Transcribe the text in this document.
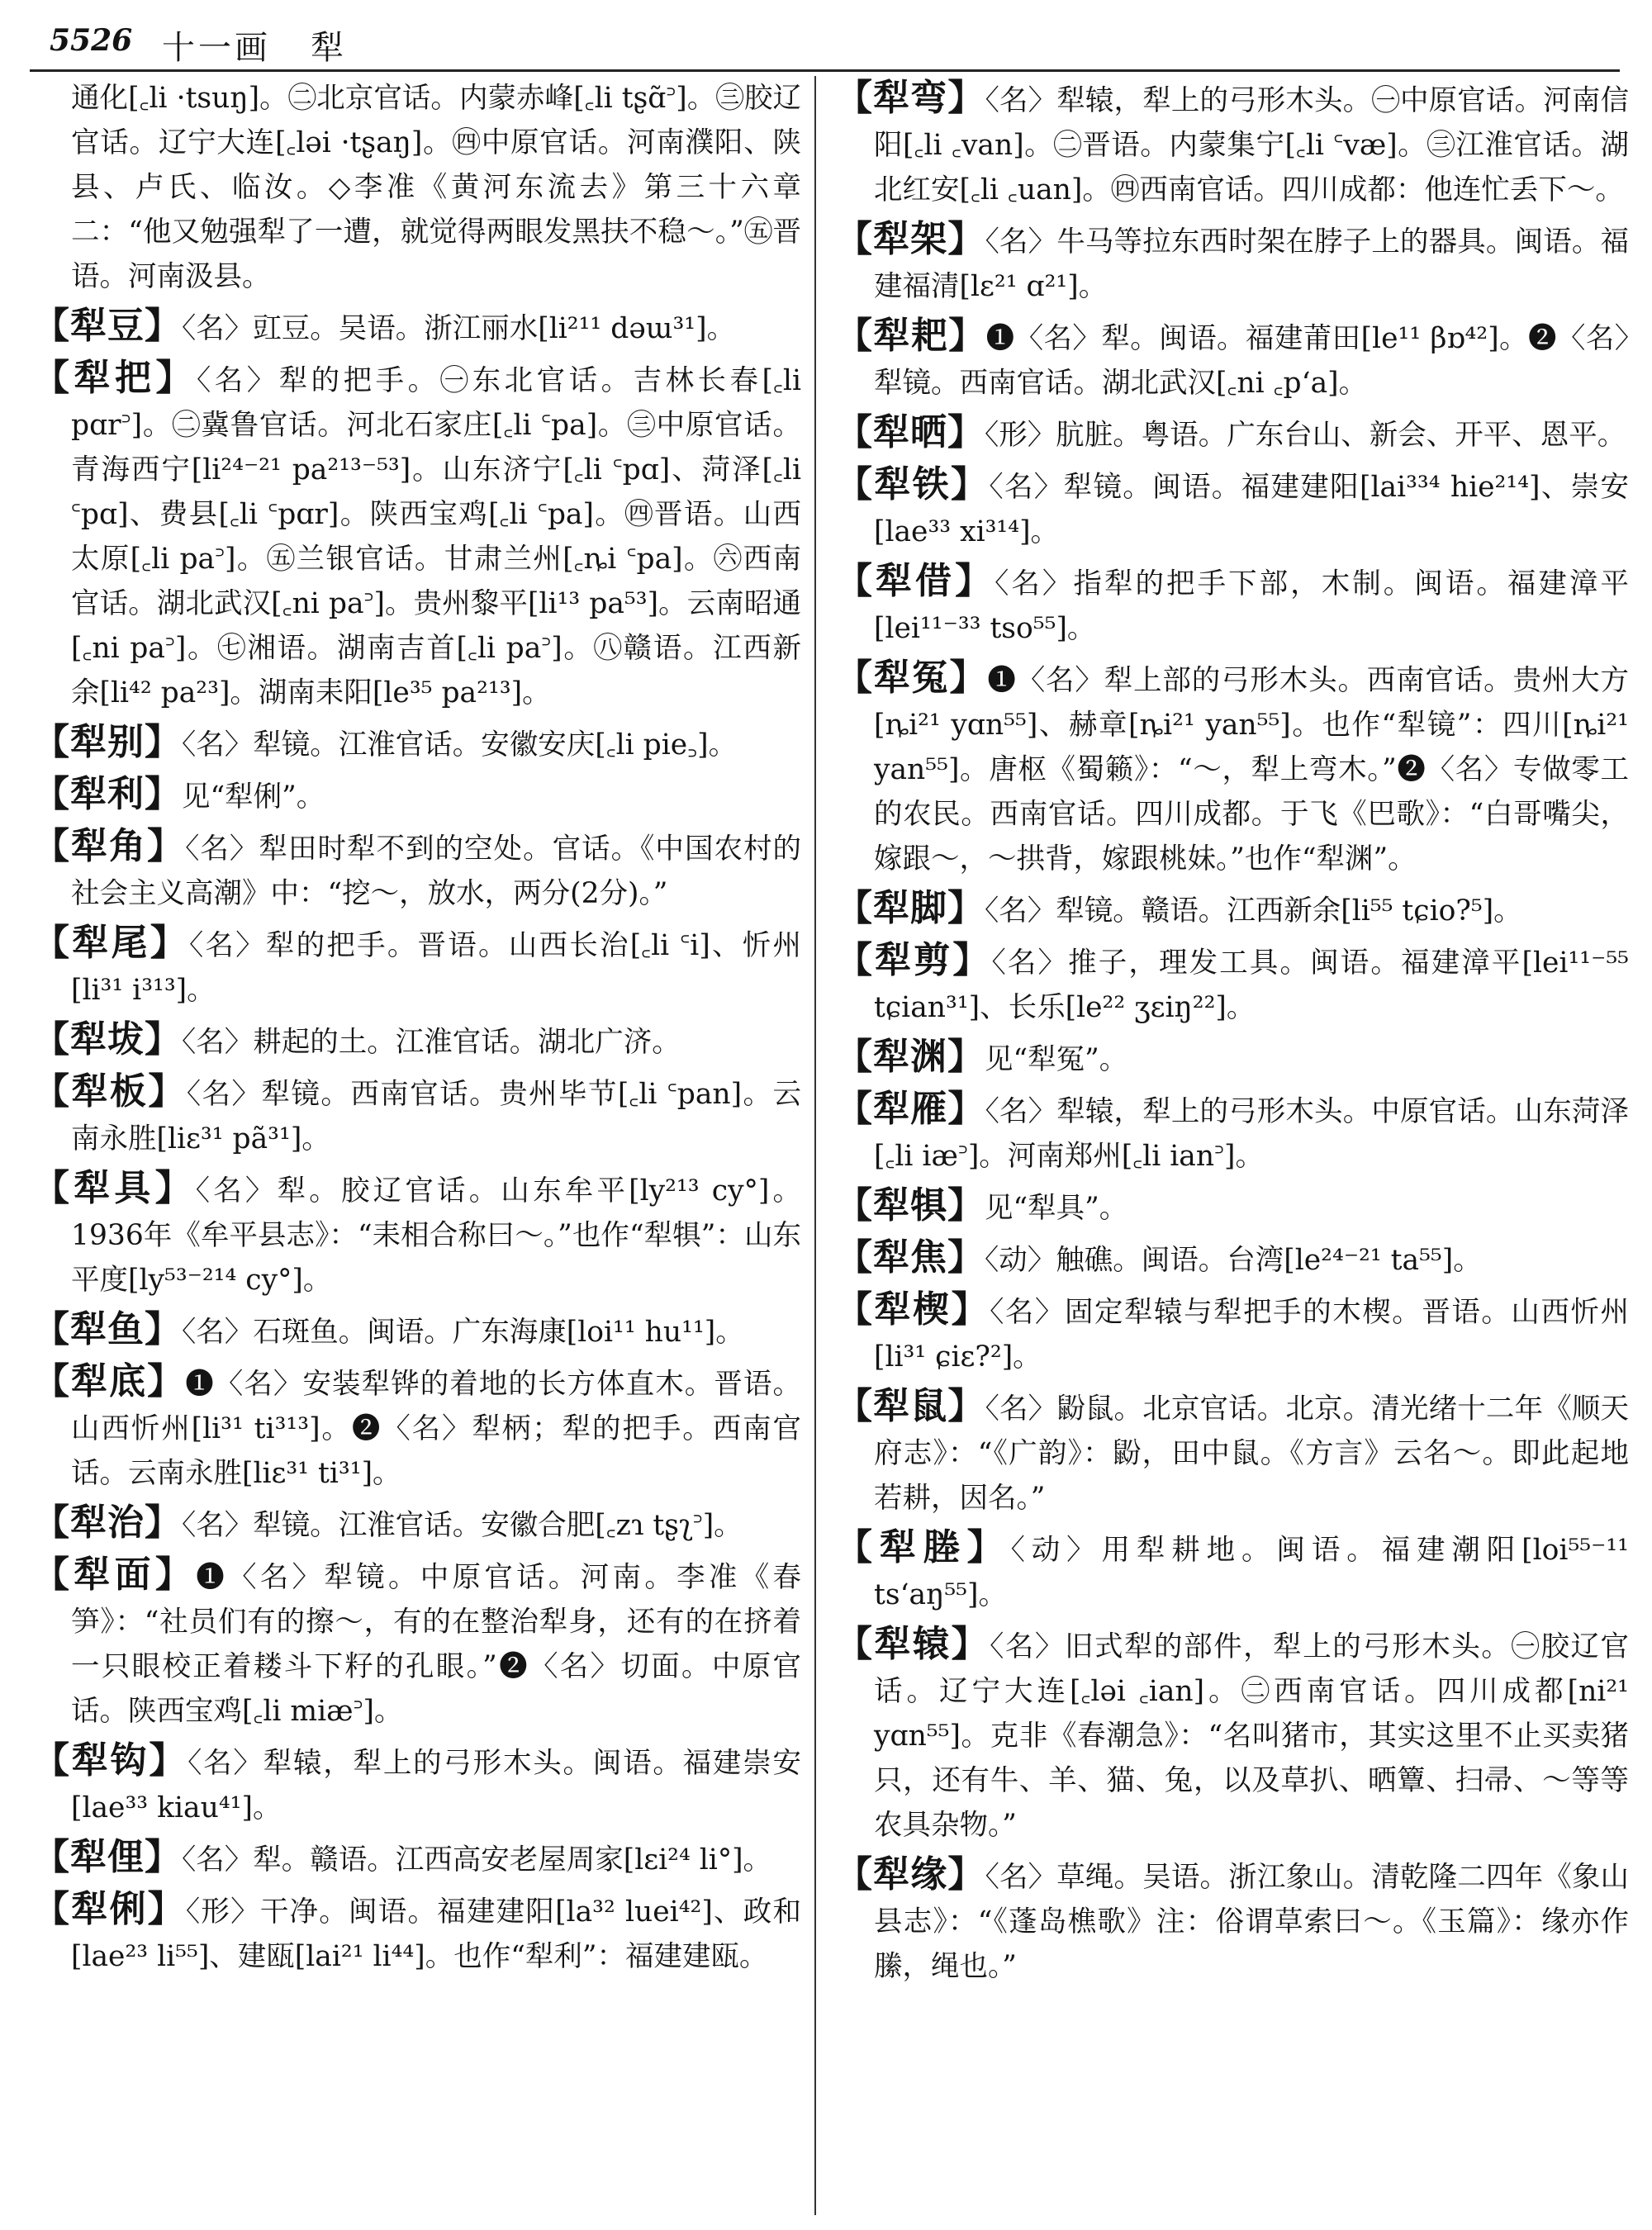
5526 十一画 犁

通化[꜀li ·tsuŋ]。㊁北京官话。内蒙赤峰[꜀li tʂɑ̃꜄]。㊂胶辽官话。辽宁大连[꜀ləi ·tʂaŋ]。㊃中原官话。河南濮阳、陕县、卢氏、临汝。◇李准《黄河东流去》第三十六章二：“他又勉强犁了一遭，就觉得两眼发黑扶不稳～。”㊄晋语。河南汲县。

【犁豆】〈名〉豇豆。吴语。浙江丽水[li²¹¹ dəɯ³¹]。

【犁把】〈名〉犁的把手。㊀东北官话。吉林长春[꜀li pɑr꜄]。㊁冀鲁官话。河北石家庄[꜀li ꜂pa]。㊂中原官话。青海西宁[li²⁴⁻²¹ pa²¹³⁻⁵³]。山东济宁[꜀li ꜂pɑ]、菏泽[꜀li ꜂pɑ]、费县[꜀li ꜂pɑr]。陕西宝鸡[꜀li ꜂pa]。㊃晋语。山西太原[꜀li pa꜄]。㊄兰银官话。甘肃兰州[꜀ȵi ꜂pa]。㊅西南官话。湖北武汉[꜀ni pa꜄]。贵州黎平[li¹³ pa⁵³]。云南昭通[꜀ni pa꜄]。㊆湘语。湖南吉首[꜀li pa꜄]。㊇赣语。江西新余[li⁴² pa²³]。湖南耒阳[le³⁵ pa²¹³]。

【犁别】〈名〉犁镜。江淮官话。安徽安庆[꜀li pie꜆]。

【犁利】见“犁俐”。

【犁角】〈名〉犁田时犁不到的空处。官话。《中国农村的社会主义高潮》中：“挖～，放水，两分(2分)。”

【犁尾】〈名〉犁的把手。晋语。山西长治[꜀li ꜂i]、忻州[li³¹ i³¹³]。

【犁坺】〈名〉耕起的土。江淮官话。湖北广济。

【犁板】〈名〉犁镜。西南官话。贵州毕节[꜀li ꜂pan]。云南永胜[liɛ³¹ pã³¹]。

【犁具】〈名〉犁。胶辽官话。山东牟平[ly²¹³ cy°]。1936年《牟平县志》：“耒相合称曰～。”也作“犁犋”：山东平度[ly⁵³⁻²¹⁴ cy°]。

【犁鱼】〈名〉石斑鱼。闽语。广东海康[loi¹¹ hu¹¹]。

【犁底】❶〈名〉安装犁铧的着地的长方体直木。晋语。山西忻州[li³¹ ti³¹³]。❷〈名〉犁柄；犁的把手。西南官话。云南永胜[liɛ³¹ ti³¹]。

【犁治】〈名〉犁镜。江淮官话。安徽合肥[꜀zɿ tʂʅ꜄]。

【犁面】❶〈名〉犁镜。中原官话。河南。李准《春笋》：“社员们有的擦～，有的在整治犁身，还有的在挤着一只眼校正着耧斗下籽的孔眼。”❷〈名〉切面。中原官话。陕西宝鸡[꜀li miæ꜄]。

【犁钩】〈名〉犁辕，犁上的弓形木头。闽语。福建崇安[lae³³ kiau⁴¹]。

【犁俚】〈名〉犁。赣语。江西高安老屋周家[lɛi²⁴ li°]。

【犁俐】〈形〉干净。闽语。福建建阳[la³² luei⁴²]、政和[lae²³ li⁵⁵]、建瓯[lai²¹ li⁴⁴]。也作“犁利”：福建建瓯。

【犁弯】〈名〉犁辕，犁上的弓形木头。㊀中原官话。河南信阳[꜀li ꜀van]。㊁晋语。内蒙集宁[꜀li ꜂væ]。㊂江淮官话。湖北红安[꜀li ꜀uan]。㊃西南官话。四川成都：他连忙丢下～。

【犁架】〈名〉牛马等拉东西时架在脖子上的器具。闽语。福建福清[lɛ²¹ ɑ²¹]。

【犁耙】❶〈名〉犁。闽语。福建莆田[le¹¹ βɒ⁴²]。❷〈名〉犁镜。西南官话。湖北武汉[꜀ni ꜀pʻa]。

【犁晒】〈形〉肮脏。粤语。广东台山、新会、开平、恩平。

【犁铁】〈名〉犁镜。闽语。福建建阳[lai³³⁴ hie²¹⁴]、崇安[lae³³ xi³¹⁴]。

【犁借】〈名〉指犁的把手下部，木制。闽语。福建漳平[lei¹¹⁻³³ tso⁵⁵]。

【犁冤】❶〈名〉犁上部的弓形木头。西南官话。贵州大方[ȵi²¹ yɑn⁵⁵]、赫章[ȵi²¹ yan⁵⁵]。也作“犁镜”：四川[ȵi²¹ yan⁵⁵]。唐枢《蜀籁》：“～，犁上弯木。”❷〈名〉专做零工的农民。西南官话。四川成都。于飞《巴歌》：“白哥嘴尖，嫁跟～，～拱背，嫁跟桃妹。”也作“犁渊”。

【犁脚】〈名〉犁镜。赣语。江西新余[li⁵⁵ tɕio?⁵]。

【犁剪】〈名〉推子，理发工具。闽语。福建漳平[lei¹¹⁻⁵⁵ tɕian³¹]、长乐[le²² ʒɛiŋ²²]。

【犁渊】见“犁冤”。

【犁雁】〈名〉犁辕，犁上的弓形木头。中原官话。山东菏泽[꜀li iæ꜄]。河南郑州[꜀li ian꜄]。

【犁犋】见“犁具”。

【犁焦】〈动〉触礁。闽语。台湾[le²⁴⁻²¹ ta⁵⁵]。

【犁楔】〈名〉固定犁辕与犁把手的木楔。晋语。山西忻州[li³¹ ɕiɛ?²]。

【犁鼠】〈名〉鼢鼠。北京官话。北京。清光绪十二年《顺天府志》：“《广韵》：鼢，田中鼠。《方言》云名～。即此起地若耕，因名。”

【犁塍】〈动〉用犁耕地。闽语。福建潮阳[loi⁵⁵⁻¹¹ tsʻaŋ⁵⁵]。

【犁辕】〈名〉旧式犁的部件，犁上的弓形木头。㊀胶辽官话。辽宁大连[꜀ləi ꜀ian]。㊁西南官话。四川成都[ni²¹ yɑn⁵⁵]。克非《春潮急》：“名叫猪市，其实这里不止买卖猪只，还有牛、羊、猫、兔，以及草扒、晒簟、扫帚、～等等农具杂物。”

【犁缘】〈名〉草绳。吴语。浙江象山。清乾隆二四年《象山县志》：“《蓬岛樵歌》注：俗谓草索曰～。《玉篇》：缘亦作縢，绳也。”
